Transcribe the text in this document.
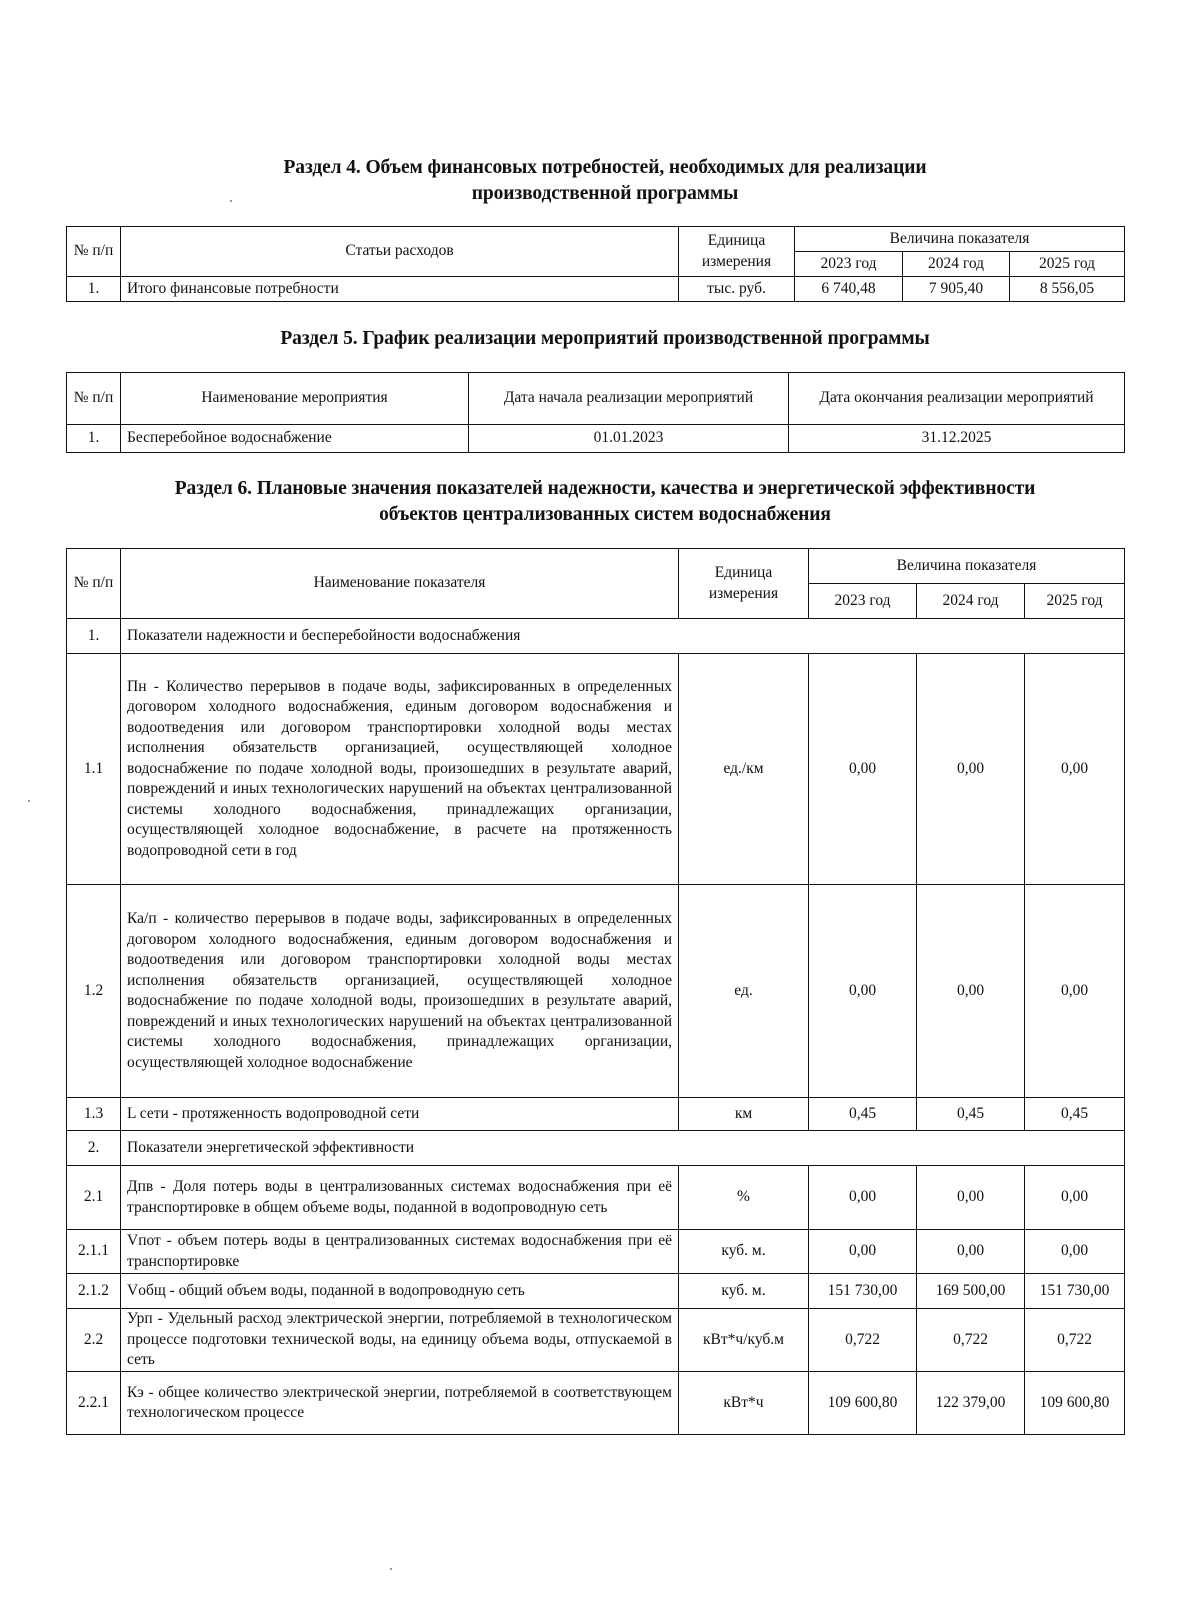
Раздел 4. Объем финансовых потребностей, необходимых для реализации
производственной программы
№ п/п	Статьи расходов	Единица измерения	Величина показателя		
			2023 год	2024 год	2025 год
1.	Итого финансовые потребности	тыс. руб.	6 740,48	7 905,40	8 556,05
Раздел 5. График реализации мероприятий производственной программы
№ п/п	Наименование мероприятия	Дата начала реализации мероприятий	Дата окончания реализации мероприятий
1.	Бесперебойное водоснабжение	01.01.2023	31.12.2025
Раздел 6. Плановые значения показателей надежности, качества и энергетической эффективности
объектов централизованных систем водоснабжения
№ п/п	Наименование показателя	Единица измерения	Величина показателя		
			2023 год	2024 год	2025 год
1.	Показатели надежности и бесперебойности водоснабжения				
1.1	Пн - Количество перерывов в подаче воды, зафиксированных в определенных договором холодного водоснабжения, единым договором водоснабжения и водоотведения или договором транспортировки холодной воды местах исполнения обязательств организацией, осуществляющей холодное водоснабжение по подаче холодной воды, произошедших в результате аварий, повреждений и иных технологических нарушений на объектах централизованной системы холодного водоснабжения, принадлежащих организации, осуществляющей холодное водоснабжение, в расчете на протяженность водопроводной сети в год	ед./км	0,00	0,00	0,00
1.2	Ка/п - количество перерывов в подаче воды, зафиксированных в определенных договором холодного водоснабжения, единым договором водоснабжения и водоотведения или договором транспортировки холодной воды местах исполнения обязательств организацией, осуществляющей холодное водоснабжение по подаче холодной воды, произошедших в результате аварий, повреждений и иных технологических нарушений на объектах централизованной системы холодного водоснабжения, принадлежащих организации, осуществляющей холодное водоснабжение	ед.	0,00	0,00	0,00
1.3	L сети - протяженность водопроводной сети	км	0,45	0,45	0,45
2.	Показатели энергетической эффективности				
2.1	Дпв - Доля потерь воды в централизованных системах водоснабжения при её транспортировке в общем объеме воды, поданной в водопроводную сеть	%	0,00	0,00	0,00
2.1.1	Vпот - объем потерь воды в централизованных системах водоснабжения при её транспортировке	куб. м.	0,00	0,00	0,00
2.1.2	Vобщ - общий объем воды, поданной в водопроводную сеть	куб. м.	151 730,00	169 500,00	151 730,00
2.2	Урп - Удельный расход электрической энергии, потребляемой в технологическом процессе подготовки технической воды, на единицу объема воды, отпускаемой в сеть	кВт*ч/куб.м	0,722	0,722	0,722
2.2.1	Кэ - общее количество электрической энергии, потребляемой в соответствующем технологическом процессе	кВт*ч	109 600,80	122 379,00	109 600,80
